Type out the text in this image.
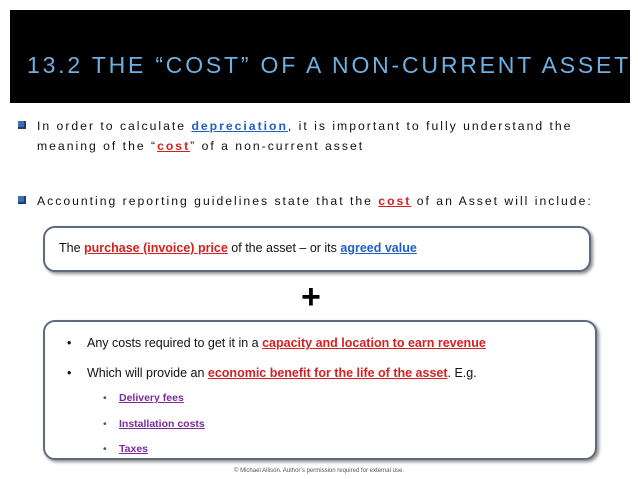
13.2 THE “COST” OF A NON-CURRENT ASSET
In order to calculate depreciation, it is important to fully understand the
meaning of the “cost” of a non-current asset
Accounting reporting guidelines state that the cost of an Asset will include:
The purchase (invoice) price of the asset – or its agreed value
+
• Any costs required to get it in a capacity and location to earn revenue
• Which will provide an economic benefit for the life of the asset. E.g.
• Delivery fees
• Installation costs
• Taxes
© Michael Allison. Author’s permission required for external use.
